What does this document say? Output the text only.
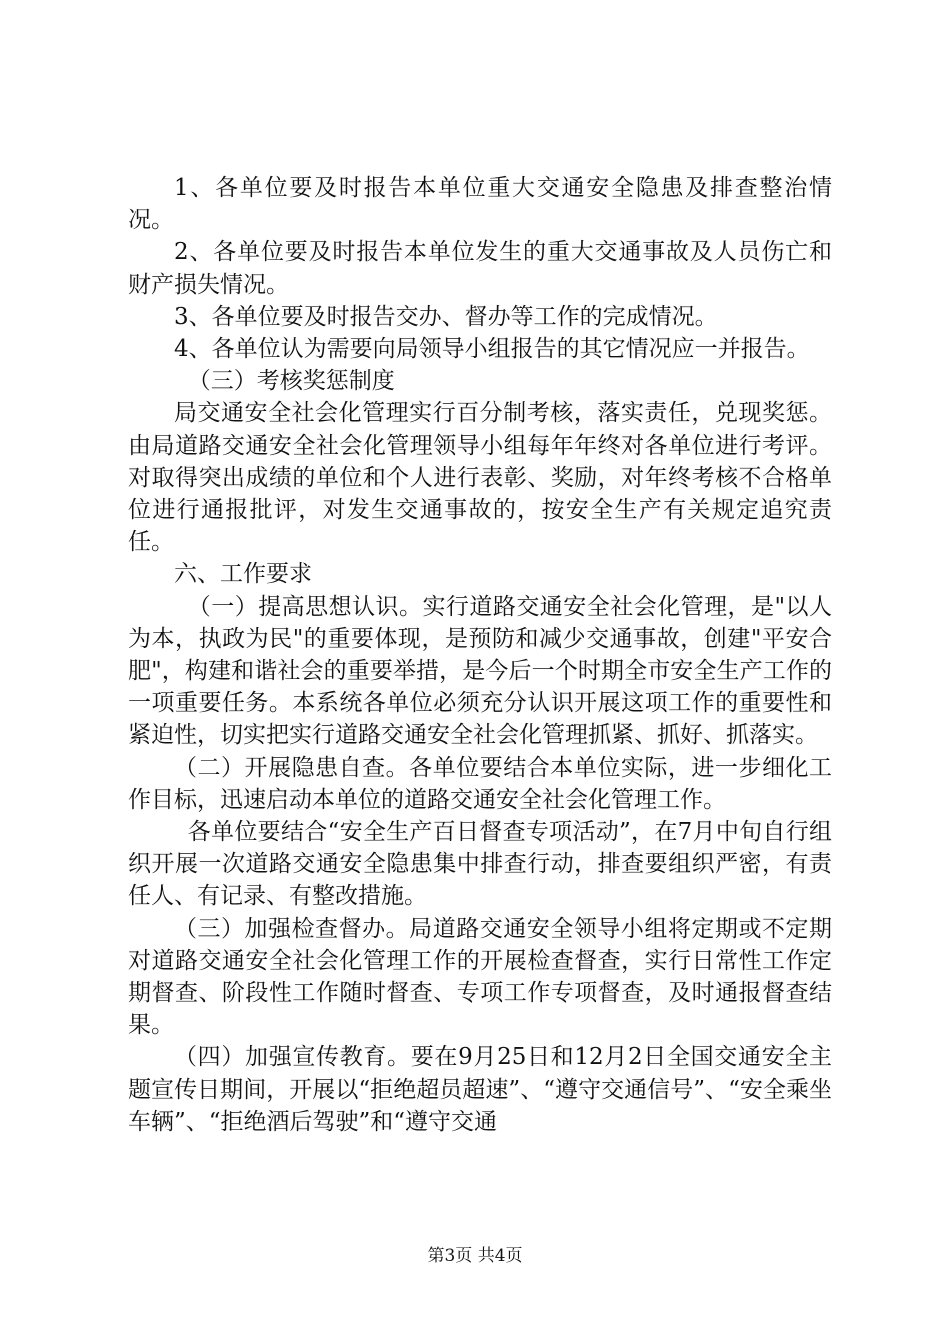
1、各单位要及时报告本单位重大交通安全隐患及排查整治情况。

2、各单位要及时报告本单位发生的重大交通事故及人员伤亡和财产损失情况。

3、各单位要及时报告交办、督办等工作的完成情况。

4、各单位认为需要向局领导小组报告的其它情况应一并报告。

（三）考核奖惩制度

局交通安全社会化管理实行百分制考核，落实责任，兑现奖惩。由局道路交通安全社会化管理领导小组每年年终对各单位进行考评。对取得突出成绩的单位和个人进行表彰、奖励，对年终考核不合格单位进行通报批评，对发生交通事故的，按安全生产有关规定追究责任。

六、工作要求

（一）提高思想认识。实行道路交通安全社会化管理，是"以人为本，执政为民"的重要体现，是预防和减少交通事故，创建"平安合肥"，构建和谐社会的重要举措，是今后一个时期全市安全生产工作的一项重要任务。本系统各单位必须充分认识开展这项工作的重要性和紧迫性，切实把实行道路交通安全社会化管理抓紧、抓好、抓落实。

（二）开展隐患自查。各单位要结合本单位实际，进一步细化工作目标，迅速启动本单位的道路交通安全社会化管理工作。

各单位要结合“安全生产百日督查专项活动”，在7月中旬自行组织开展一次道路交通安全隐患集中排查行动，排查要组织严密，有责任人、有记录、有整改措施。

（三）加强检查督办。局道路交通安全领导小组将定期或不定期对道路交通安全社会化管理工作的开展检查督查，实行日常性工作定期督查、阶段性工作随时督查、专项工作专项督查，及时通报督查结果。

（四）加强宣传教育。要在9月25日和12月2日全国交通安全主题宣传日期间，开展以“拒绝超员超速”、“遵守交通信号”、“安全乘坐车辆”、“拒绝酒后驾驶”和“遵守交通

第3页 共4页
